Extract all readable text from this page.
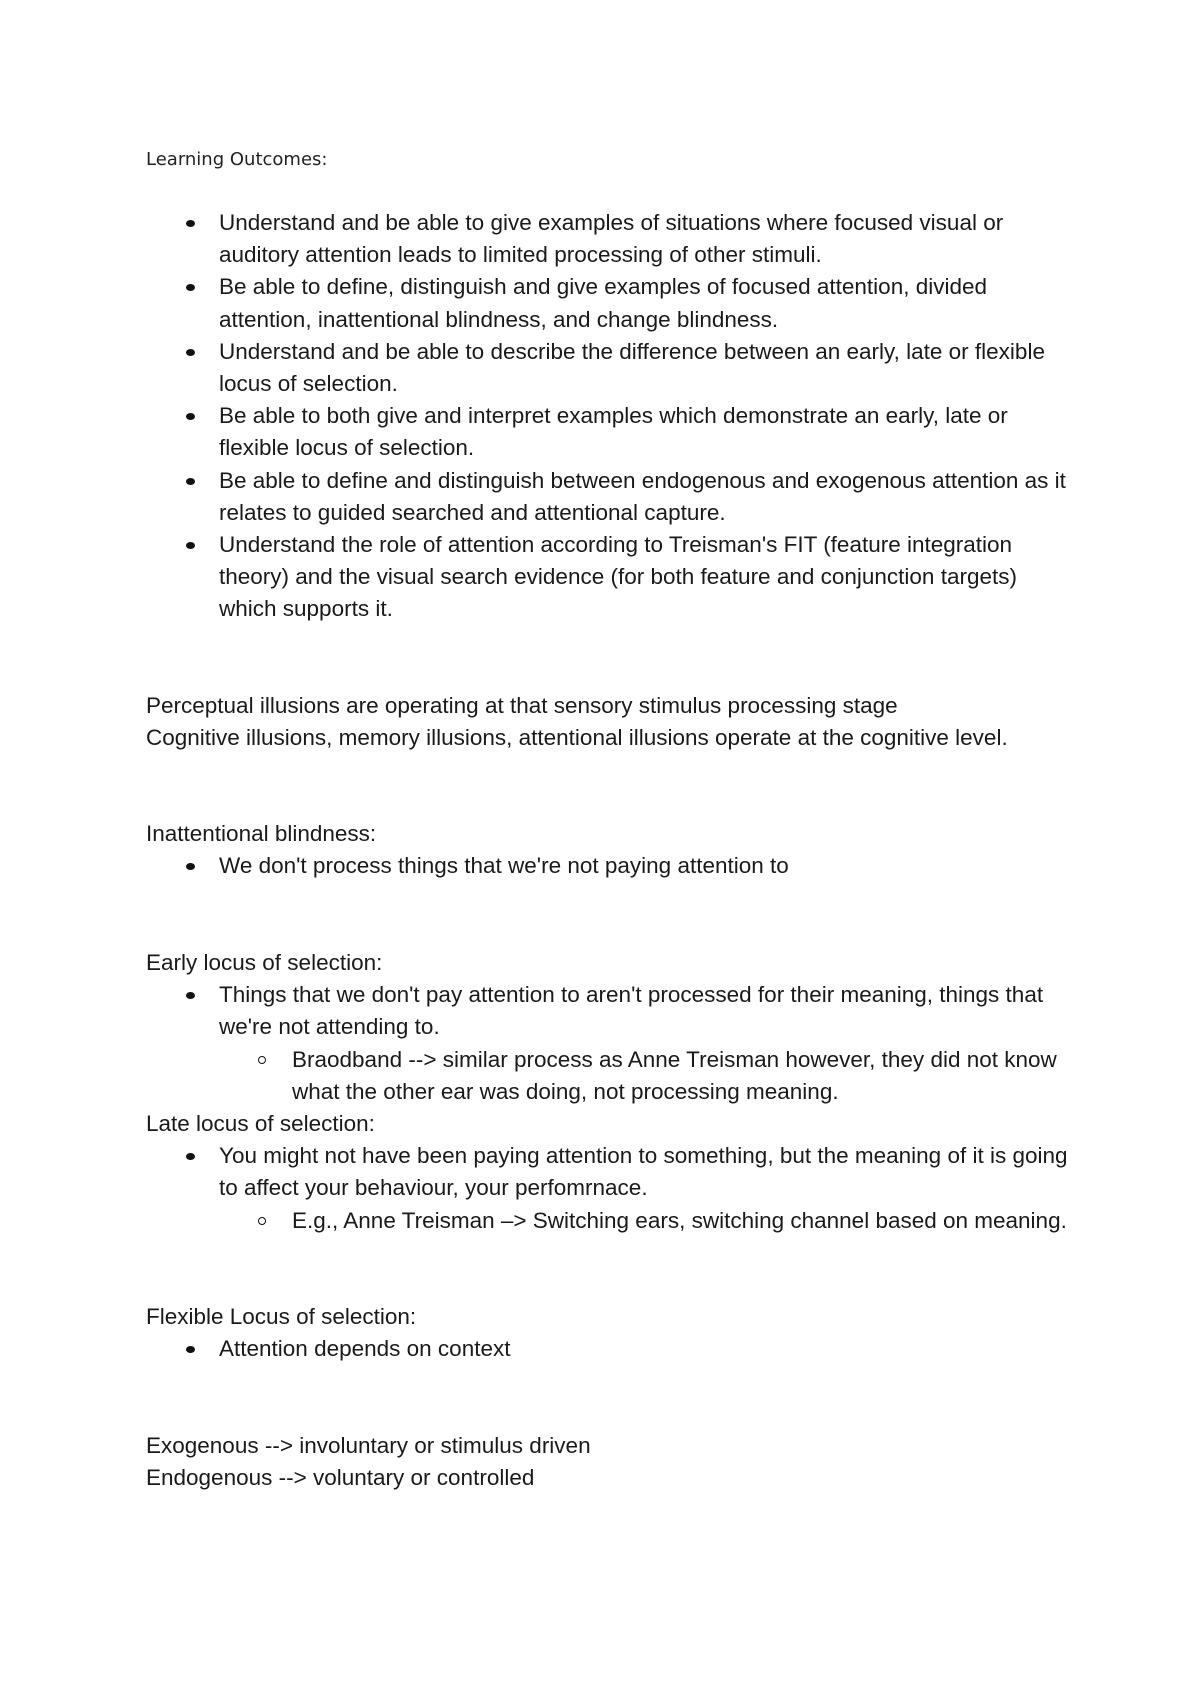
Learning Outcomes:
Understand and be able to give examples of situations where focused visual or auditory attention leads to limited processing of other stimuli.
Be able to define, distinguish and give examples of focused attention, divided attention, inattentional blindness, and change blindness.
Understand and be able to describe the difference between an early, late or flexible locus of selection.
Be able to both give and interpret examples which demonstrate an early, late or flexible locus of selection.
Be able to define and distinguish between endogenous and exogenous attention as it relates to guided searched and attentional capture.
Understand the role of attention according to Treisman's FIT (feature integration theory) and the visual search evidence (for both feature and conjunction targets) which supports it.
Perceptual illusions are operating at that sensory stimulus processing stage
Cognitive illusions, memory illusions, attentional illusions operate at the cognitive level.
Inattentional blindness:
We don't process things that we're not paying attention to
Early locus of selection:
Things that we don't pay attention to aren't processed for their meaning, things that we're not attending to.
Braodband --> similar process as Anne Treisman however, they did not know what the other ear was doing, not processing meaning.
Late locus of selection:
You might not have been paying attention to something, but the meaning of it is going to affect your behaviour, your perfomrnace.
E.g., Anne Treisman –> Switching ears, switching channel based on meaning.
Flexible Locus of selection:
Attention depends on context
Exogenous --> involuntary or stimulus driven
Endogenous --> voluntary or controlled
